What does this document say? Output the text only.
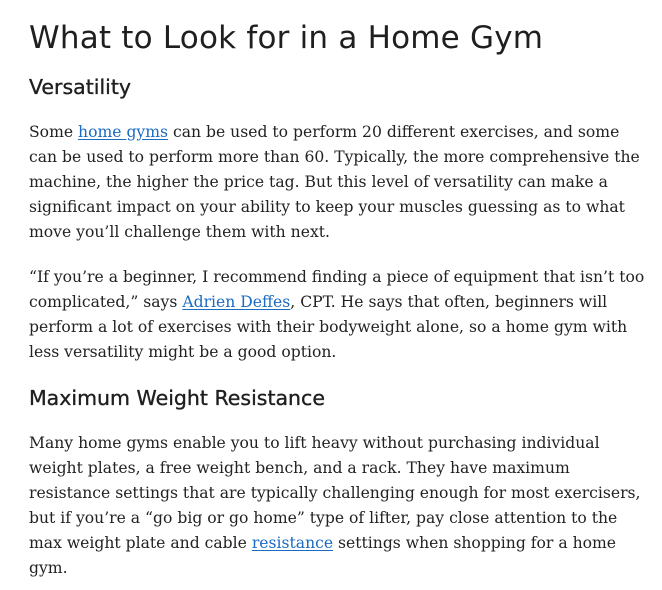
What to Look for in a Home Gym
Versatility

Some home gyms can be used to perform 20 different exercises, and some can be used to perform more than 60. Typically, the more comprehensive the machine, the higher the price tag. But this level of versatility can make a significant impact on your ability to keep your muscles guessing as to what move you’ll challenge them with next.

“If you’re a beginner, I recommend finding a piece of equipment that isn’t too complicated,” says Adrien Deffes, CPT. He says that often, beginners will perform a lot of exercises with their bodyweight alone, so a home gym with less versatility might be a good option.

Maximum Weight Resistance

Many home gyms enable you to lift heavy without purchasing individual weight plates, a free weight bench, and a rack. They have maximum resistance settings that are typically challenging enough for most exercisers, but if you’re a “go big or go home” type of lifter, pay close attention to the max weight plate and cable resistance settings when shopping for a home gym.
